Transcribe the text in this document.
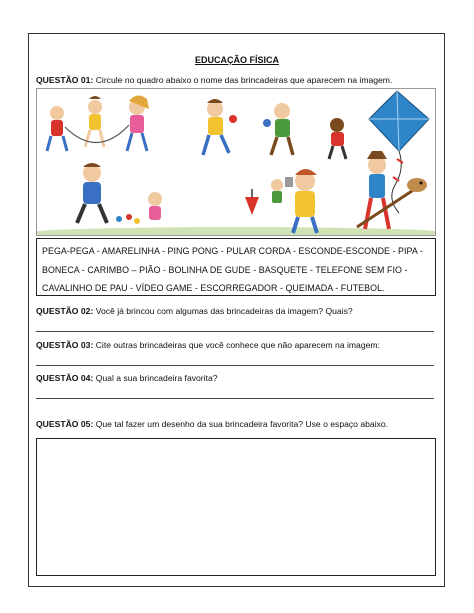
EDUCAÇÃO FÍSICA
QUESTÃO 01: Circule no quadro abaixo o nome das brincadeiras que aparecem na imagem.
PEGA-PEGA - AMARELINHA - PING PONG - PULAR CORDA - ESCONDE-ESCONDE - PIPA -
BONECA - CARIMBO – PIÃO - BOLINHA DE GUDE - BASQUETE - TELEFONE SEM FIO -
CAVALINHO DE PAU - VÍDEO GAME - ESCORREGADOR - QUEIMADA - FUTEBOL.
QUESTÃO 02: Você já brincou com algumas das brincadeiras da imagem? Quais?
QUESTÃO 03: Cite outras brincadeiras que você conhece que não aparecem na imagem:
QUESTÃO 04: Qual a sua brincadeira favorita?
QUESTÃO 05: Que tal fazer um desenho da sua brincadeira favorita? Use o espaço abaixo.
